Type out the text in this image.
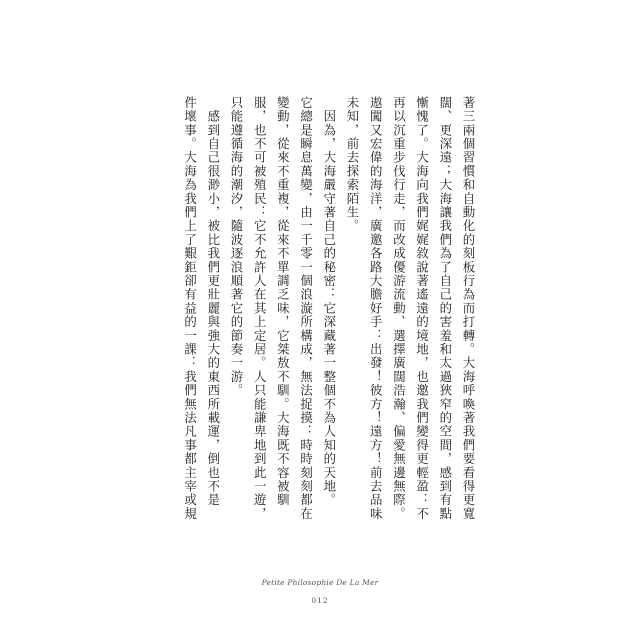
著三兩個習慣和自動化的刻板行為而打轉。大海呼喚著我們要看得更寬
闊、更深遠；大海讓我們為了自己的害羞和太過狹窄的空間，感到有點
慚愧了。大海向我們娓娓敘說著遙遠的境地，也邀我們變得更輕盈：不
再以沉重步伐行走，而改成優游流動、選擇廣闊浩瀚、偏愛無邊無際。
遨闖又宏偉的海洋，廣邀各路大膽好手：出發！彼方！遠方！前去品味
未知，前去探索陌生。
　因為，大海嚴守著自己的秘密：它深藏著一整個不為人知的天地。
它總是瞬息萬變，由一千零一個浪漩所構成，無法捉摸：時時刻刻都在
變動，從來不重複，從來不單調乏味，它桀敖不馴。大海既不容被馴
服，也不可被殖民：它不允許人在其上定居。人只能謙卑地到此一遊，
只能遵循海的潮汐，隨波逐浪順著它的節奏一游。
　感到自己很渺小，被比我們更壯麗與強大的東西所載運，倒也不是
件壞事。大海為我們上了艱鉅卻有益的一課：我們無法凡事都主宰或規
Petite Philosophie De La Mer
012
